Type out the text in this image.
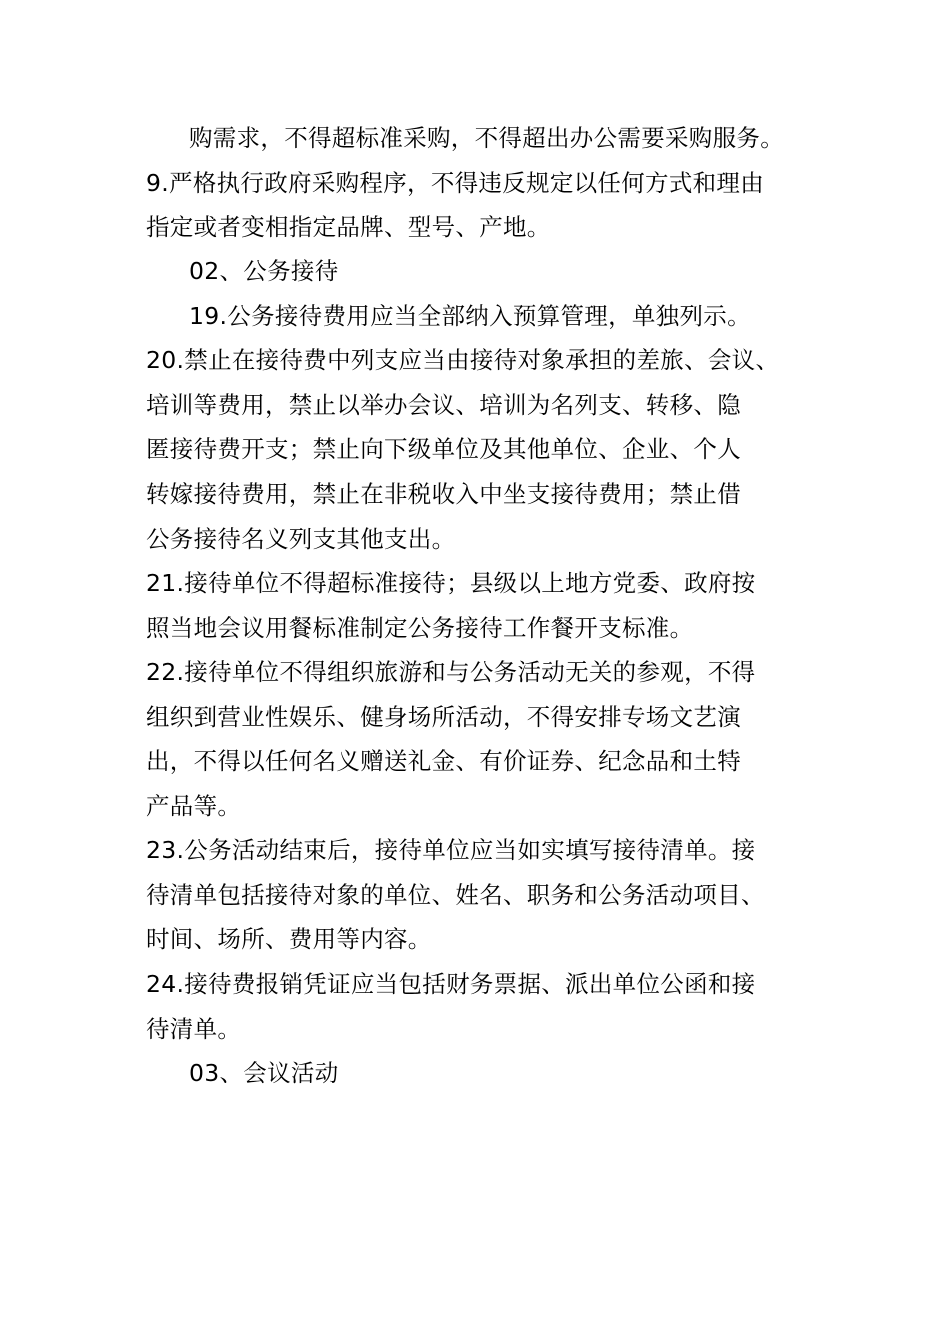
购需求，不得超标准采购，不得超出办公需要采购服务。
9.严格执行政府采购程序，不得违反规定以任何方式和理由
指定或者变相指定品牌、型号、产地。
02、公务接待
19.公务接待费用应当全部纳入预算管理，单独列示。
20.禁止在接待费中列支应当由接待对象承担的差旅、会议、
培训等费用，禁止以举办会议、培训为名列支、转移、隐
匿接待费开支；禁止向下级单位及其他单位、企业、个人
转嫁接待费用，禁止在非税收入中坐支接待费用；禁止借
公务接待名义列支其他支出。
21.接待单位不得超标准接待；县级以上地方党委、政府按
照当地会议用餐标准制定公务接待工作餐开支标准。
22.接待单位不得组织旅游和与公务活动无关的参观，不得
组织到营业性娱乐、健身场所活动，不得安排专场文艺演
出，不得以任何名义赠送礼金、有价证券、纪念品和土特
产品等。
23.公务活动结束后，接待单位应当如实填写接待清单。接
待清单包括接待对象的单位、姓名、职务和公务活动项目、
时间、场所、费用等内容。
24.接待费报销凭证应当包括财务票据、派出单位公函和接
待清单。
03、会议活动
